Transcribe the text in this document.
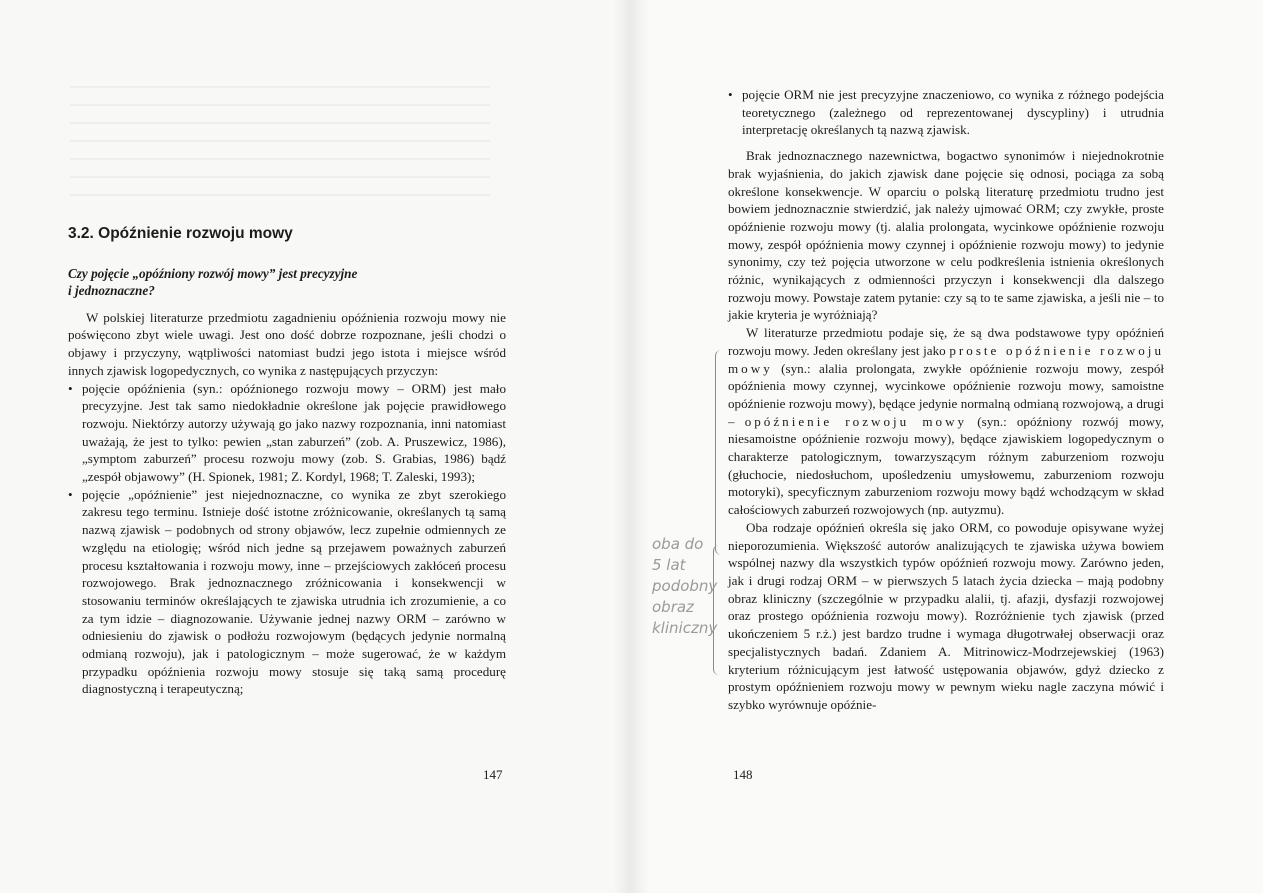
3.2. Opóźnienie rozwoju mowy
Czy pojęcie „opóźniony rozwój mowy” jest precyzyjne
i jednoznaczne?

W polskiej literaturze przedmiotu zagadnieniu opóźnienia rozwoju mowy nie poświęcono zbyt wiele uwagi. Jest ono dość dobrze rozpoznane, jeśli chodzi o objawy i przyczyny, wątpliwości natomiast budzi jego istota i miejsce wśród innych zjawisk logopedycznych, co wynika z następujących przyczyn:

• pojęcie opóźnienia (syn.: opóźnionego rozwoju mowy – ORM) jest mało precyzyjne. Jest tak samo niedokładnie określone jak pojęcie prawidłowego rozwoju. Niektórzy autorzy używają go jako nazwy rozpoznania, inni natomiast uważają, że jest to tylko: pewien „stan zaburzeń” (zob. A. Pruszewicz, 1986), „symptom zaburzeń” procesu rozwoju mowy (zob. S. Grabias, 1986) bądź „zespół objawowy” (H. Spionek, 1981; Z. Kordyl, 1968; T. Zaleski, 1993);
• pojęcie „opóźnienie” jest niejednoznaczne, co wynika ze zbyt szerokiego zakresu tego terminu. Istnieje dość istotne zróżnicowanie, określanych tą samą nazwą zjawisk – podobnych od strony objawów, lecz zupełnie odmiennych ze względu na etiologię; wśród nich jedne są przejawem poważnych zaburzeń procesu kształtowania i rozwoju mowy, inne – przejściowych zakłóceń procesu rozwojowego. Brak jednoznacznego zróżnicowania i konsekwencji w stosowaniu terminów określających te zjawiska utrudnia ich zrozumienie, a co za tym idzie – diagnozowanie. Używanie jednej nazwy ORM – zarówno w odniesieniu do zjawisk o podłożu rozwojowym (będących jedynie normalną odmianą rozwoju), jak i patologicznym – może sugerować, że w każdym przypadku opóźnienia rozwoju mowy stosuje się taką samą procedurę diagnostyczną i terapeutyczną;
147
• pojęcie ORM nie jest precyzyjne znaczeniowo, co wynika z różnego podejścia teoretycznego (zależnego od reprezentowanej dyscypliny) i utrudnia interpretację określanych tą nazwą zjawisk.

Brak jednoznacznego nazewnictwa, bogactwo synonimów i niejednokrotnie brak wyjaśnienia, do jakich zjawisk dane pojęcie się odnosi, pociąga za sobą określone konsekwencje. W oparciu o polską literaturę przedmiotu trudno jest bowiem jednoznacznie stwierdzić, jak należy ujmować ORM; czy zwykłe, proste opóźnienie rozwoju mowy (tj. alalia prolongata, wycinkowe opóźnienie rozwoju mowy, zespół opóźnienia mowy czynnej i opóźnienie rozwoju mowy) to jedynie synonimy, czy też pojęcia utworzone w celu podkreślenia istnienia określonych różnic, wynikających z odmienności przyczyn i konsekwencji dla dalszego rozwoju mowy. Powstaje zatem pytanie: czy są to te same zjawiska, a jeśli nie – to jakie kryteria je wyróżniają?

W literaturze przedmiotu podaje się, że są dwa podstawowe typy opóźnień rozwoju mowy. Jeden określany jest jako proste opóźnienie rozwoju mowy (syn.: alalia prolongata, zwykłe opóźnienie rozwoju mowy, zespół opóźnienia mowy czynnej, wycinkowe opóźnienie rozwoju mowy, samoistne opóźnienie rozwoju mowy), będące jedynie normalną odmianą rozwojową, a drugi – opóźnienie rozwoju mowy (syn.: opóźniony rozwój mowy, niesamoistne opóźnienie rozwoju mowy), będące zjawiskiem logopedycznym o charakterze patologicznym, towarzyszącym różnym zaburzeniom rozwoju (głuchocie, niedosłuchom, upośledzeniu umysłowemu, zaburzeniom rozwoju motoryki), specyficznym zaburzeniom rozwoju mowy bądź wchodzącym w skład całościowych zaburzeń rozwojowych (np. autyzmu).

Oba rodzaje opóźnień określa się jako ORM, co powoduje opisywane wyżej nieporozumienia. Większość autorów analizujących te zjawiska używa bowiem wspólnej nazwy dla wszystkich typów opóźnień rozwoju mowy. Zarówno jeden, jak i drugi rodzaj ORM – w pierwszych 5 latach życia dziecka – mają podobny obraz kliniczny (szczególnie w przypadku alalii, tj. afazji, dysfazji rozwojowej oraz prostego opóźnienia rozwoju mowy). Rozróżnienie tych zjawisk (przed ukończeniem 5 r.ż.) jest bardzo trudne i wymaga długotrwałej obserwacji oraz specjalistycznych badań. Zdaniem A. Mitrinowicz-Modrzejewskiej (1963) kryterium różnicującym jest łatwość ustępowania objawów, gdyż dziecko z prostym opóźnieniem rozwoju mowy w pewnym wieku nagle zaczyna mówić i szybko wyrównuje opóźnie-

148
oba do
5 lat
podobny
obraz
kliniczny
